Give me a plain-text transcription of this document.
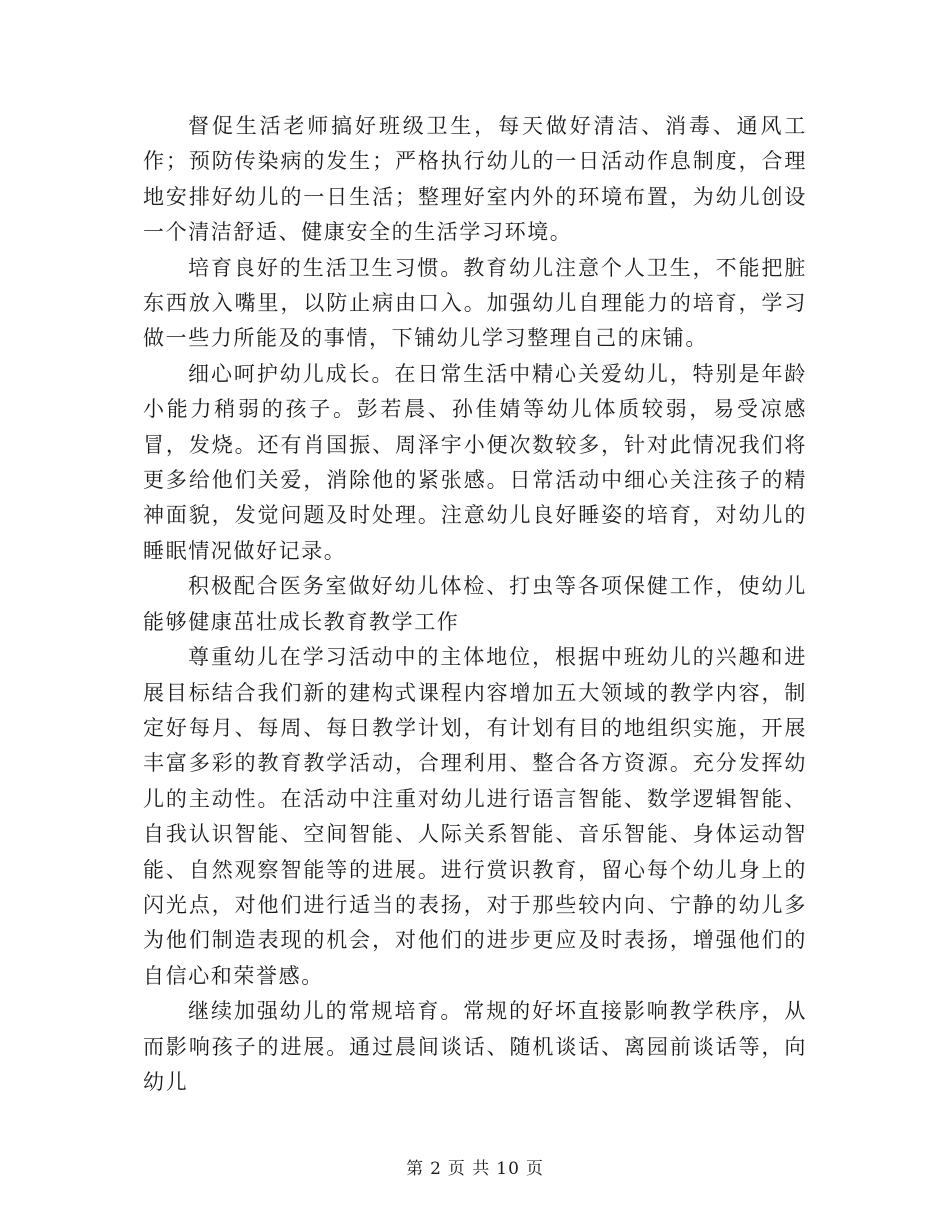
督促生活老师搞好班级卫生，每天做好清洁、消毒、通风工作；预防传染病的发生；严格执行幼儿的一日活动作息制度，合理地安排好幼儿的一日生活；整理好室内外的环境布置，为幼儿创设一个清洁舒适、健康安全的生活学习环境。

培育良好的生活卫生习惯。教育幼儿注意个人卫生，不能把脏东西放入嘴里，以防止病由口入。加强幼儿自理能力的培育，学习做一些力所能及的事情，下铺幼儿学习整理自己的床铺。

细心呵护幼儿成长。在日常生活中精心关爱幼儿，特别是年龄小能力稍弱的孩子。彭若晨、孙佳婧等幼儿体质较弱，易受凉感冒，发烧。还有肖国振、周泽宇小便次数较多，针对此情况我们将更多给他们关爱，消除他的紧张感。日常活动中细心关注孩子的精神面貌，发觉问题及时处理。注意幼儿良好睡姿的培育，对幼儿的睡眠情况做好记录。

积极配合医务室做好幼儿体检、打虫等各项保健工作，使幼儿能够健康茁壮成长教育教学工作

尊重幼儿在学习活动中的主体地位，根据中班幼儿的兴趣和进展目标结合我们新的建构式课程内容增加五大领域的教学内容，制定好每月、每周、每日教学计划，有计划有目的地组织实施，开展丰富多彩的教育教学活动，合理利用、整合各方资源。充分发挥幼儿的主动性。在活动中注重对幼儿进行语言智能、数学逻辑智能、自我认识智能、空间智能、人际关系智能、音乐智能、身体运动智能、自然观察智能等的进展。进行赏识教育，留心每个幼儿身上的闪光点，对他们进行适当的表扬，对于那些较内向、宁静的幼儿多为他们制造表现的机会，对他们的进步更应及时表扬，增强他们的自信心和荣誉感。

继续加强幼儿的常规培育。常规的好坏直接影响教学秩序，从而影响孩子的进展。通过晨间谈话、随机谈话、离园前谈话等，向幼儿

第 2 页 共 10 页
